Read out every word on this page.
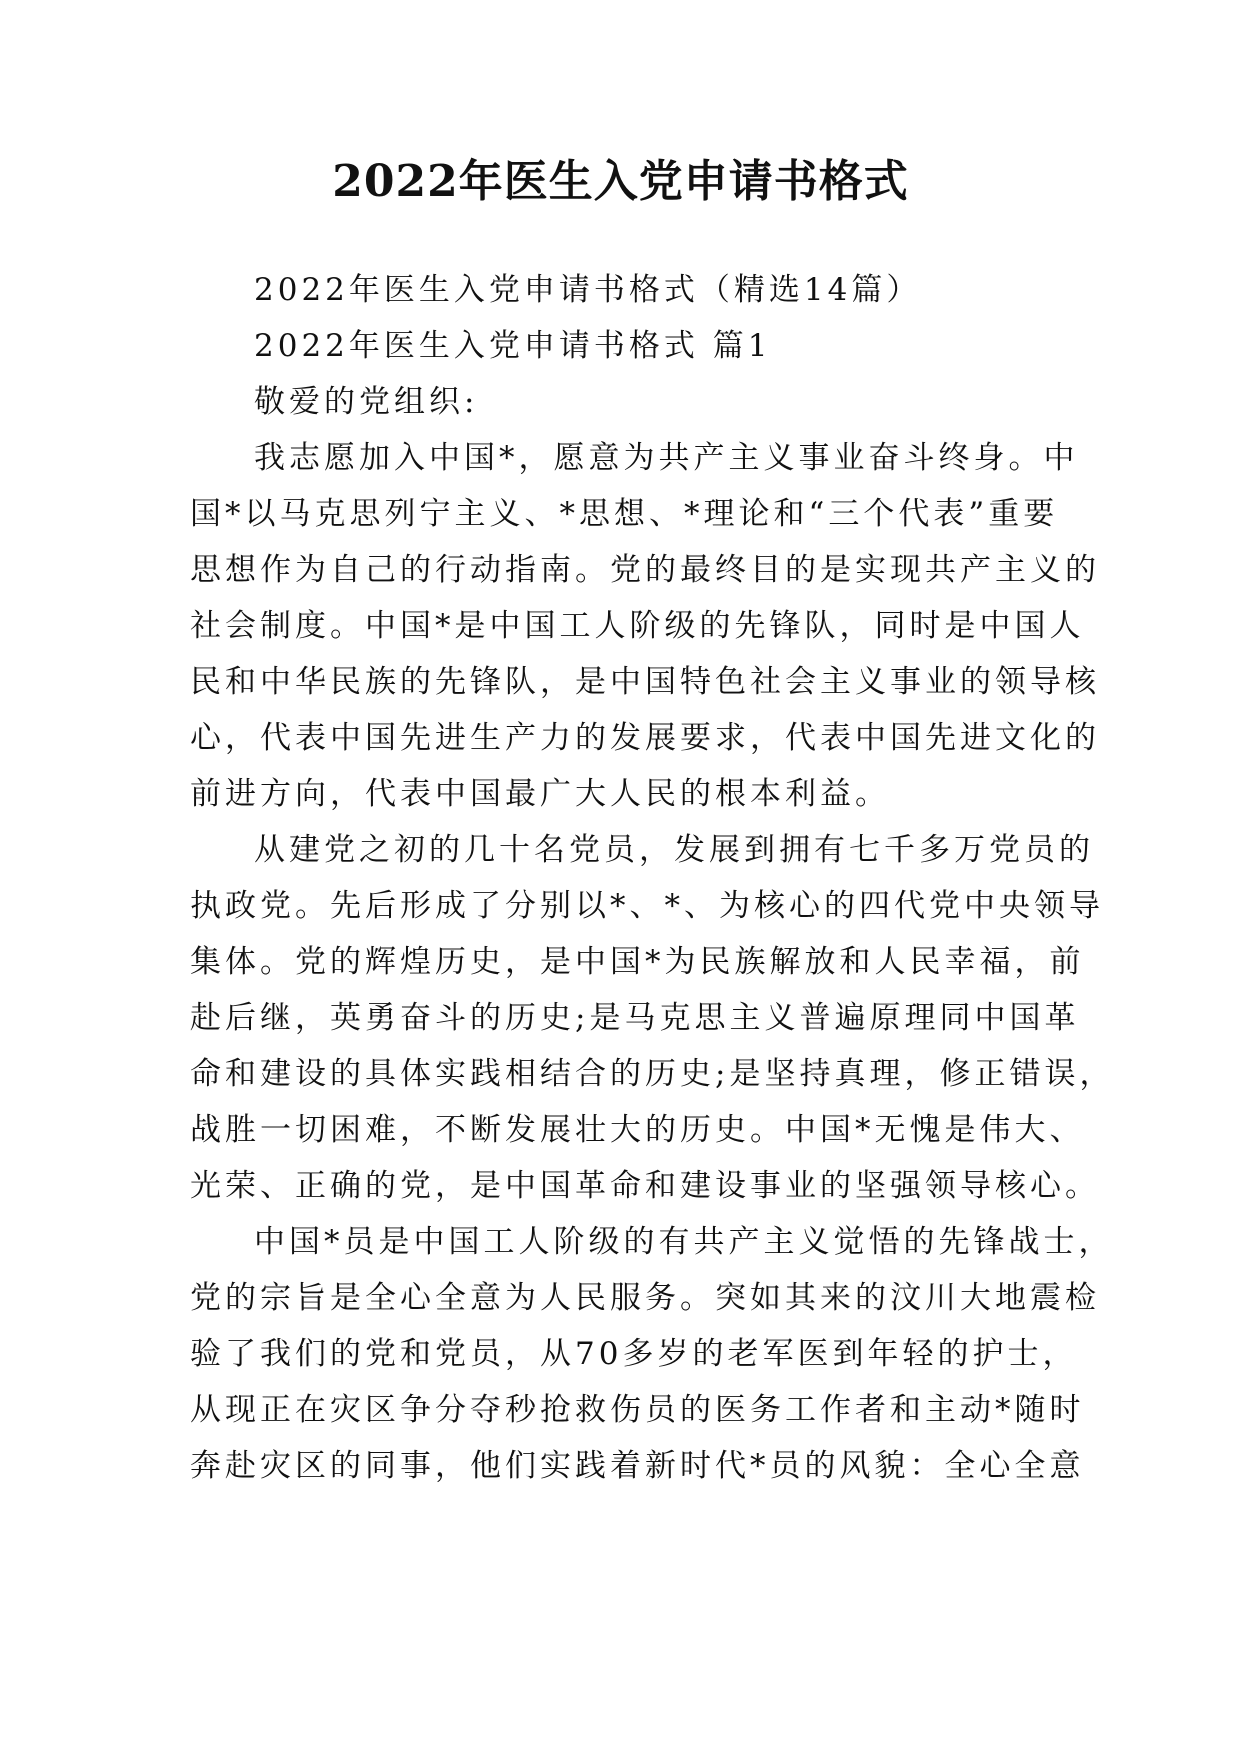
2022年医生入党申请书格式

2022年医生入党申请书格式（精选14篇）

2022年医生入党申请书格式 篇1

敬爱的党组织:

我志愿加入中国*，愿意为共产主义事业奋斗终身。中

国*以马克思列宁主义、*思想、*理论和“三个代表”重要

思想作为自己的行动指南。党的最终目的是实现共产主义的

社会制度。中国*是中国工人阶级的先锋队，同时是中国人

民和中华民族的先锋队，是中国特色社会主义事业的领导核

心，代表中国先进生产力的发展要求，代表中国先进文化的

前进方向，代表中国最广大人民的根本利益。

从建党之初的几十名党员，发展到拥有七千多万党员的

执政党。先后形成了分别以*、*、为核心的四代党中央领导

集体。党的辉煌历史，是中国*为民族解放和人民幸福，前

赴后继，英勇奋斗的历史;是马克思主义普遍原理同中国革

命和建设的具体实践相结合的历史;是坚持真理，修正错误，

战胜一切困难，不断发展壮大的历史。中国*无愧是伟大、

光荣、正确的党，是中国革命和建设事业的坚强领导核心。

中国*员是中国工人阶级的有共产主义觉悟的先锋战士，

党的宗旨是全心全意为人民服务。突如其来的汶川大地震检

验了我们的党和党员，从70多岁的老军医到年轻的护士，

从现正在灾区争分夺秒抢救伤员的医务工作者和主动*随时

奔赴灾区的同事，他们实践着新时代*员的风貌：全心全意
